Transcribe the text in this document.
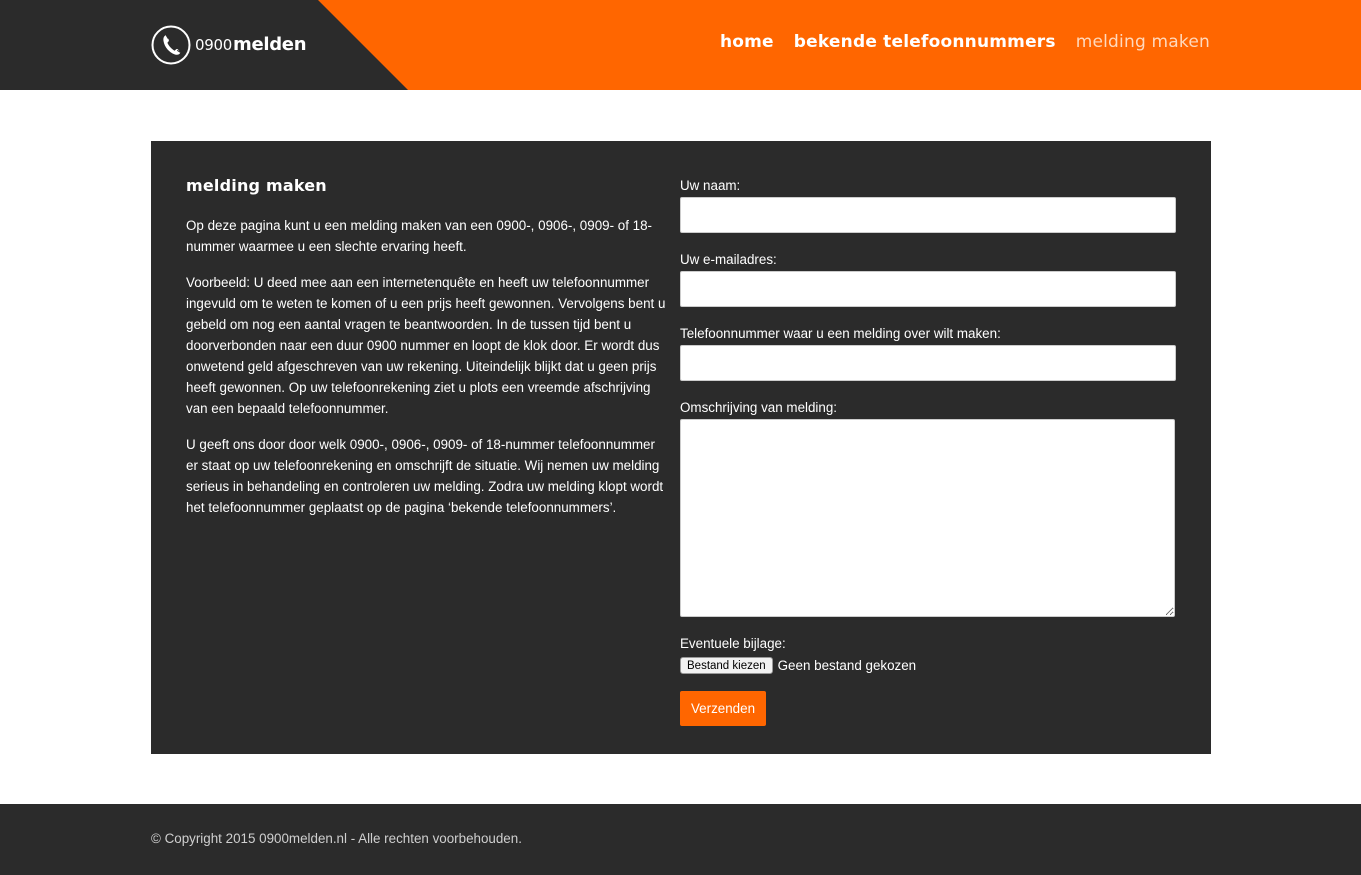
0900melden	home bekende telefoonnummers melding maken
melding maken

Op deze pagina kunt u een melding maken van een 0900-, 0906-, 0909- of 18-nummer waarmee u een slechte ervaring heeft.

Voorbeeld: U deed mee aan een internetenquête en heeft uw telefoonnummer ingevuld om te weten te komen of u een prijs heeft gewonnen. Vervolgens bent u gebeld om nog een aantal vragen te beantwoorden. In de tussen tijd bent u doorverbonden naar een duur 0900 nummer en loopt de klok door. Er wordt dus onwetend geld afgeschreven van uw rekening. Uiteindelijk blijkt dat u geen prijs heeft gewonnen. Op uw telefoonrekening ziet u plots een vreemde afschrijving van een bepaald telefoonnummer.

U geeft ons door door welk 0900-, 0906-, 0909- of 18-nummer telefoonnummer er staat op uw telefoonrekening en omschrijft de situatie. Wij nemen uw melding serieus in behandeling en controleren uw melding. Zodra uw melding klopt wordt het telefoonnummer geplaatst op de pagina ‘bekende telefoonnummers’.

Uw naam:
Uw e-mailadres:
Telefoonnummer waar u een melding over wilt maken:
Omschrijving van melding:
Eventuele bijlage:
Bestand kiezen Geen bestand gekozen
Verzenden
© Copyright 2015 0900melden.nl - Alle rechten voorbehouden.
